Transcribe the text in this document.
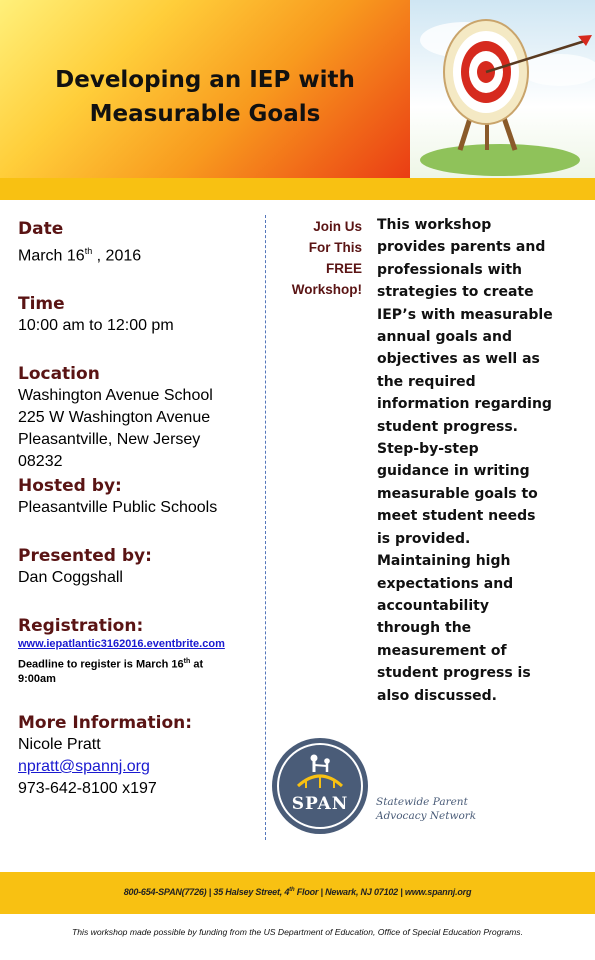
Developing an IEP with
Measurable Goals

Date

March 16th , 2016

Time

10:00 am to 12:00 pm

Location

Washington Avenue School

225 W Washington Avenue

Pleasantville, New Jersey

08232

Hosted by:

Pleasantville Public Schools

Presented by:

Dan Coggshall

Registration:

www.iepatlantic3162016.eventbrite.com

Deadline to register is March 16th at
9:00am

More Information:

Nicole Pratt

npratt@spannj.org

973-642-8100 x197

Join Us
For This
FREE
Workshop!
This workshop
provides parents and
professionals with
strategies to create
IEP’s with measurable
annual goals and
objectives as well as
the required
information regarding
student progress.
Step-by-step
guidance in writing
measurable goals to
meet student needs
is provided.
Maintaining high
expectations and
accountability
through the
measurement of
student progress is
also discussed.
SPAN	Statewide Parent
Advocacy Network
800-654-SPAN(7726) | 35 Halsey Street, 4th Floor | Newark, NJ 07102 | www.spannj.org
This workshop made possible by funding from the US Department of Education, Office of Special Education Programs.
